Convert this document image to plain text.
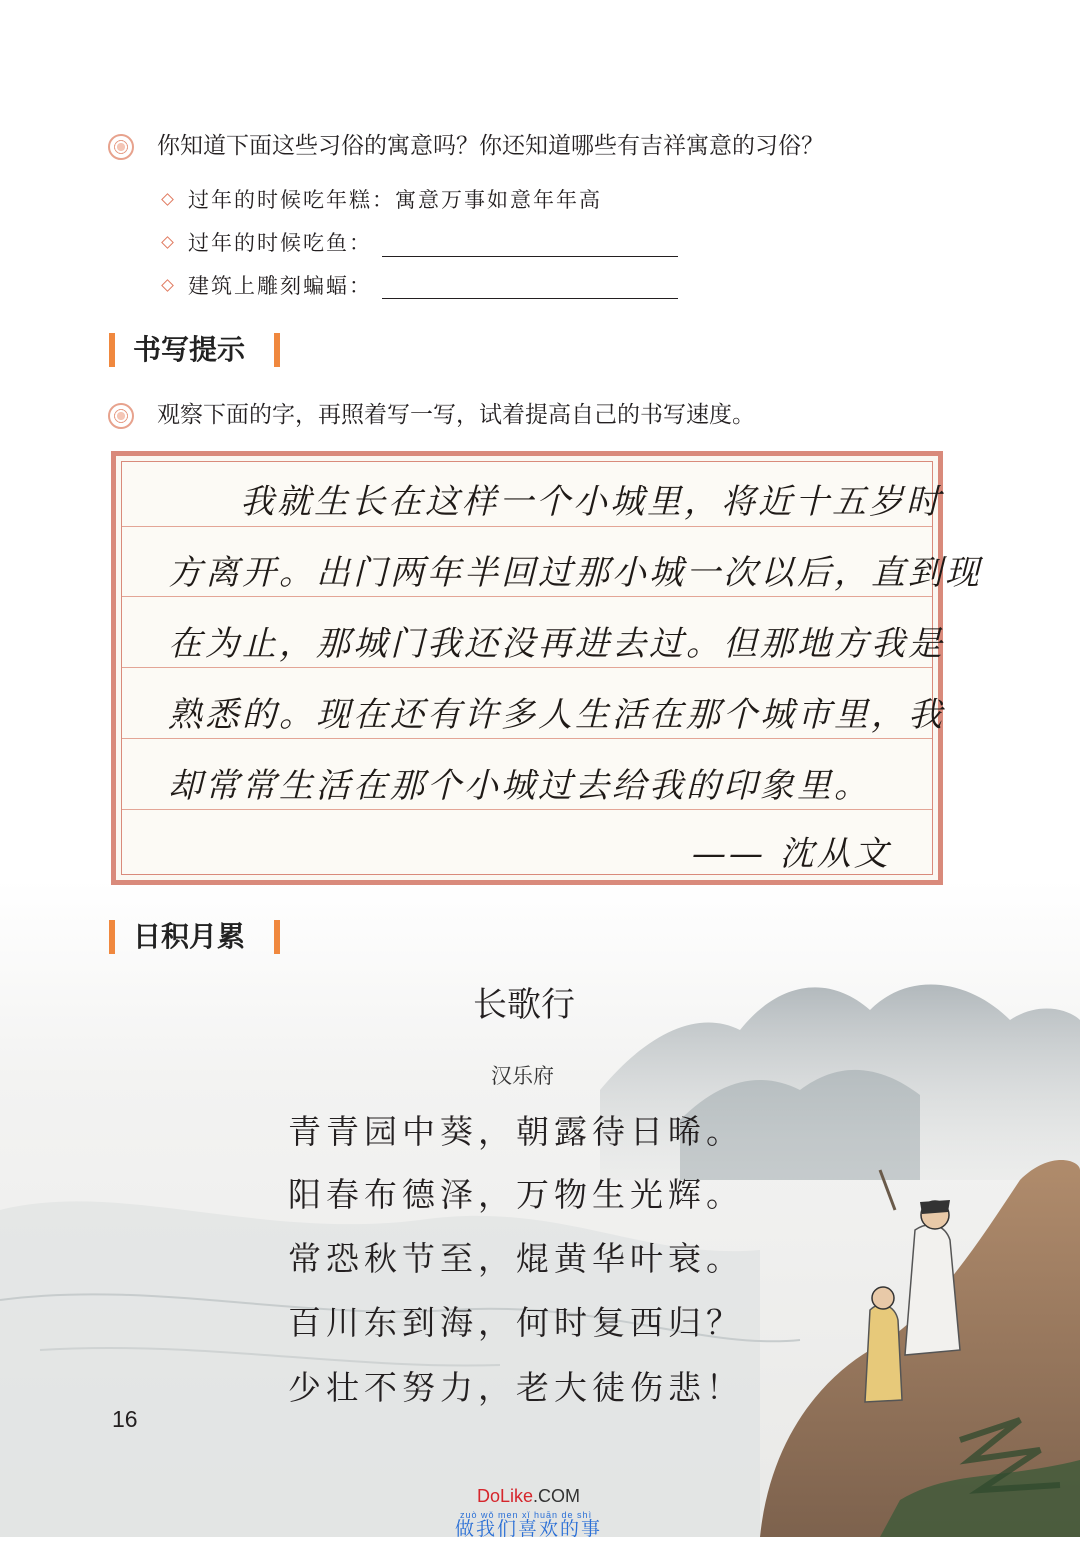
你知道下面这些习俗的寓意吗？你还知道哪些有吉祥寓意的习俗？
过年的时候吃年糕：寓意万事如意年年高
过年的时候吃鱼：
建筑上雕刻蝙蝠：
书写提示
观察下面的字，再照着写一写，试着提高自己的书写速度。
我就生长在这样一个小城里，将近十五岁时
方离开。出门两年半回过那小城一次以后，直到现
在为止，那城门我还没再进去过。但那地方我是
熟悉的。现在还有许多人生活在那个城市里，我
却常常生活在那个小城过去给我的印象里。
—— 沈从文
日积月累
长歌行
汉乐府
青青园中葵，朝露待日晞。
阳春布德泽，万物生光辉。
常恐秋节至，焜黄华叶衰。
百川东到海，何时复西归？
少壮不努力，老大徒伤悲！
16
DoLike.COM
zuò wǒ men xǐ huān de shì
做我们喜欢的事
